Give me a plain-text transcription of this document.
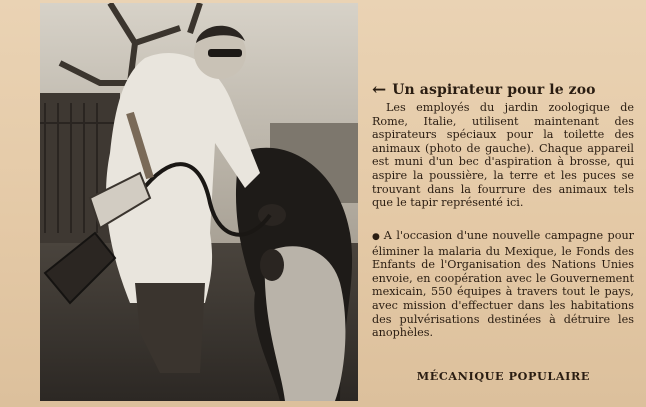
← Un aspirateur pour le zoo

Les employés du jardin zoologique de Rome, Italie, utilisent maintenant des aspirateurs spéciaux pour la toilette des animaux (photo de gauche). Chaque appareil est muni d'un bec d'aspiration à brosse, qui aspire la poussière, la terre et les puces se trouvant dans la fourrure des animaux tels que le tapir représenté ici.

● A l'occasion d'une nouvelle campagne pour éliminer la malaria du Mexique, le Fonds des Enfants de l'Organisation des Nations Unies envoie, en coopération avec le Gouvernement mexicain, 550 équipes à travers tout le pays, avec mission d'effectuer dans les habitations des pulvérisations destinées à détruire les anophèles.

MÉCANIQUE POPULAIRE
